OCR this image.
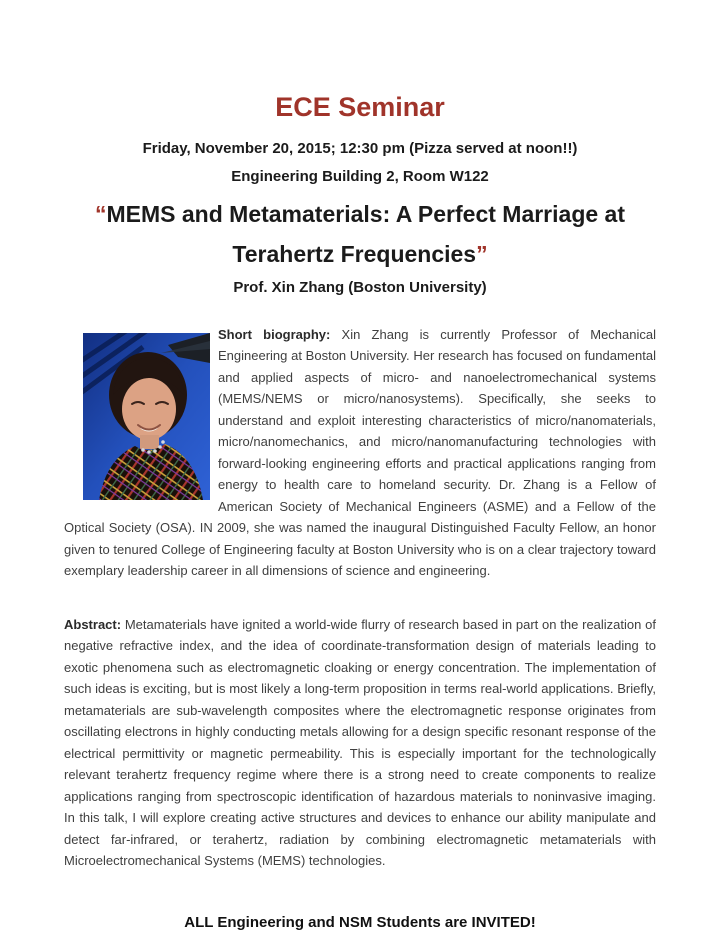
ECE Seminar
Friday, November 20, 2015; 12:30 pm (Pizza served at noon!!)
Engineering Building 2, Room W122
“MEMS and Metamaterials: A Perfect Marriage at
Terahertz Frequencies”
Prof. Xin Zhang (Boston University)
Short biography: Xin Zhang is currently Professor of Mechanical Engineering at Boston University. Her research has focused on fundamental and applied aspects of micro- and nanoelectromechanical systems (MEMS/NEMS or micro/nanosystems). Specifically, she seeks to understand and exploit interesting characteristics of micro/nanomaterials, micro/nanomechanics, and micro/nanomanufacturing technologies with forward-looking engineering efforts and practical applications ranging from energy to health care to homeland security. Dr. Zhang is a Fellow of American Society of Mechanical Engineers (ASME) and a Fellow of the Optical Society (OSA). IN 2009, she was named the inaugural Distinguished Faculty Fellow, an honor given to tenured College of Engineering faculty at Boston University who is on a clear trajectory toward exemplary leadership career in all dimensions of science and engineering.
Abstract: Metamaterials have ignited a world-wide flurry of research based in part on the realization of negative refractive index, and the idea of coordinate-transformation design of materials leading to exotic phenomena such as electromagnetic cloaking or energy concentration. The implementation of such ideas is exciting, but is most likely a long-term proposition in terms real-world applications. Briefly, metamaterials are sub-wavelength composites where the electromagnetic response originates from oscillating electrons in highly conducting metals allowing for a design specific resonant response of the electrical permittivity or magnetic permeability. This is especially important for the technologically relevant terahertz frequency regime where there is a strong need to create components to realize applications ranging from spectroscopic identification of hazardous materials to noninvasive imaging. In this talk, I will explore creating active structures and devices to enhance our ability manipulate and detect far-infrared, or terahertz, radiation by combining electromagnetic metamaterials with Microelectromechanical Systems (MEMS) technologies.
ALL Engineering and NSM Students are INVITED!
